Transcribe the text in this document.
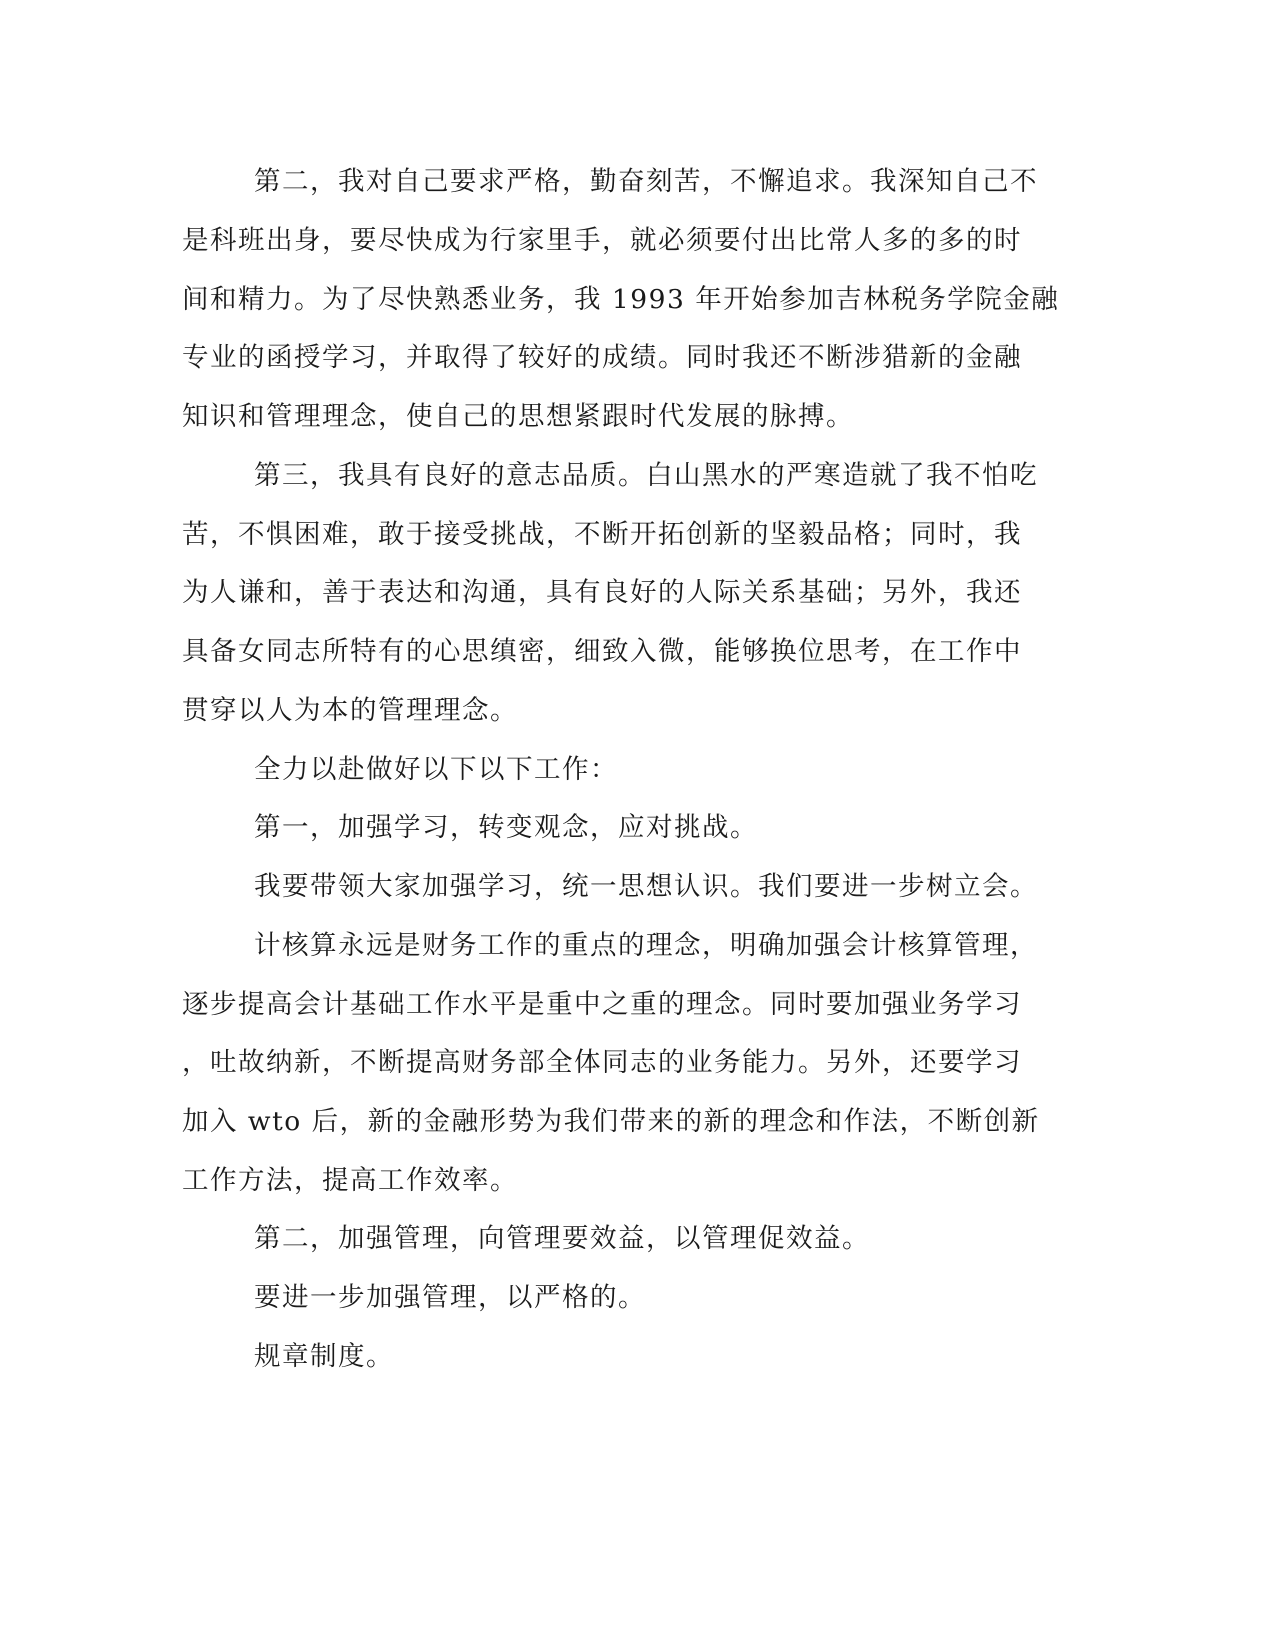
第二，我对自己要求严格，勤奋刻苦，不懈追求。我深知自己不
是科班出身，要尽快成为行家里手，就必须要付出比常人多的多的时
间和精力。为了尽快熟悉业务，我 1993 年开始参加吉林税务学院金融
专业的函授学习，并取得了较好的成绩。同时我还不断涉猎新的金融
知识和管理理念，使自己的思想紧跟时代发展的脉搏。
第三，我具有良好的意志品质。白山黑水的严寒造就了我不怕吃
苦，不惧困难，敢于接受挑战，不断开拓创新的坚毅品格；同时，我
为人谦和，善于表达和沟通，具有良好的人际关系基础；另外，我还
具备女同志所特有的心思缜密，细致入微，能够换位思考，在工作中
贯穿以人为本的管理理念。
全力以赴做好以下以下工作：
第一，加强学习，转变观念，应对挑战。
我要带领大家加强学习，统一思想认识。我们要进一步树立会。
计核算永远是财务工作的重点的理念，明确加强会计核算管理，
逐步提高会计基础工作水平是重中之重的理念。同时要加强业务学习
，吐故纳新，不断提高财务部全体同志的业务能力。另外，还要学习
加入 wto 后，新的金融形势为我们带来的新的理念和作法，不断创新
工作方法，提高工作效率。
第二，加强管理，向管理要效益，以管理促效益。
要进一步加强管理，以严格的。
规章制度。
